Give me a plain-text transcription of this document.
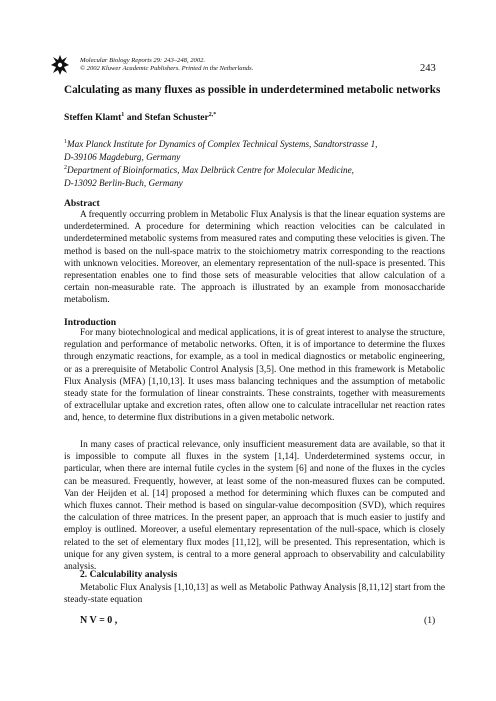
Molecular Biology Reports 29: 243–248, 2002.
© 2002 Kluwer Academic Publishers. Printed in the Netherlands.	243
Calculating as many fluxes as possible in underdetermined metabolic networks
Steffen Klamt$^1$ and Stefan Schuster$^{2,*}$
$^1$Max Planck Institute for Dynamics of Complex Technical Systems, Sandtorstrasse 1,
D-39106 Magdeburg, Germany
$^2$Department of Bioinformatics, Max Delbrück Centre for Molecular Medicine,
D-13092 Berlin-Buch, Germany
Abstract
A frequently occurring problem in Metabolic Flux Analysis is that the linear equation systems are underdetermined. A procedure for determining which reaction velocities can be calculated in underdetermined metabolic systems from measured rates and computing these velocities is given. The method is based on the null-space matrix to the stoichiometry matrix corresponding to the reactions with unknown velocities. Moreover, an elementary representation of the null-space is presented. This representation enables one to find those sets of measurable velocities that allow calculation of a certain non-measurable rate. The approach is illustrated by an example from monosaccharide metabolism.
Introduction
For many biotechnological and medical applications, it is of great interest to analyse the structure, regulation and performance of metabolic networks. Often, it is of importance to determine the fluxes through enzymatic reactions, for example, as a tool in medical diagnostics or metabolic engineering, or as a prerequisite of Metabolic Control Analysis [3,5]. One method in this framework is Metabolic Flux Analysis (MFA) [1,10,13]. It uses mass balancing techniques and the assumption of metabolic steady state for the formulation of linear constraints. These constraints, together with measurements of extracellular uptake and excretion rates, often allow one to calculate intracellular net reaction rates and, hence, to determine flux distributions in a given metabolic network.
In many cases of practical relevance, only insufficient measurement data are available, so that it is impossible to compute all fluxes in the system [1,14]. Underdetermined systems occur, in particular, when there are internal futile cycles in the system [6] and none of the fluxes in the cycles can be measured. Frequently, however, at least some of the non-measured fluxes can be computed. Van der Heijden et al. [14] proposed a method for determining which fluxes can be computed and which fluxes cannot. Their method is based on singular-value decomposition (SVD), which requires the calculation of three matrices. In the present paper, an approach that is much easier to justify and employ is outlined. Moreover, a useful elementary representation of the null-space, which is closely related to the set of elementary flux modes [11,12], will be presented. This representation, which is unique for any given system, is central to a more general approach to observability and calculability analysis.
2. Calculability analysis
Metabolic Flux Analysis [1,10,13] as well as Metabolic Pathway Analysis [8,11,12] start from the steady-state equation
N V = 0 ,	(1)
